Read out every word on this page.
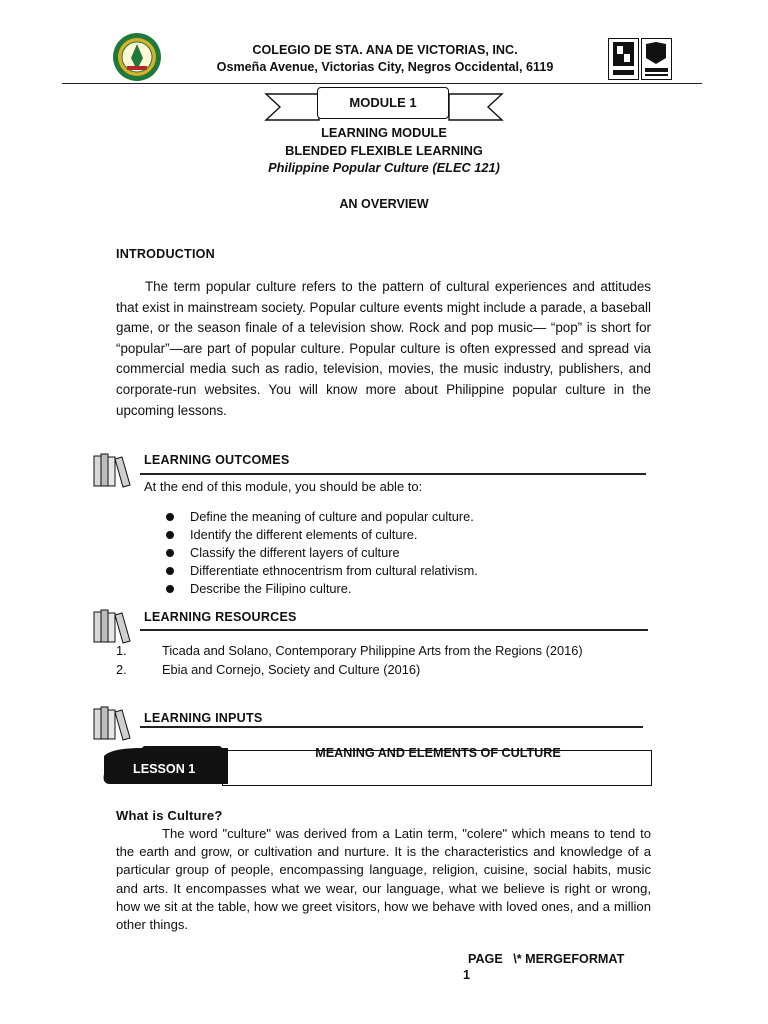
COLEGIO DE STA. ANA DE VICTORIAS, INC.
Osmeña Avenue, Victorias City, Negros Occidental, 6119
MODULE 1
LEARNING MODULE
BLENDED FLEXIBLE LEARNING
Philippine Popular Culture (ELEC 121)
AN OVERVIEW
INTRODUCTION
The term popular culture refers to the pattern of cultural experiences and attitudes that exist in mainstream society. Popular culture events might include a parade, a baseball game, or the season finale of a television show. Rock and pop music— “pop” is short for “popular”—are part of popular culture. Popular culture is often expressed and spread via commercial media such as radio, television, movies, the music industry, publishers, and corporate-run websites. You will know more about Philippine popular culture in the upcoming lessons.
LEARNING OUTCOMES
At the end of this module, you should be able to:
Define the meaning of culture and popular culture.
Identify the different elements of culture.
Classify the different layers of culture
Differentiate ethnocentrism from cultural relativism.
Describe the Filipino culture.
LEARNING RESOURCES
1.	Ticada and Solano, Contemporary Philippine Arts from the Regions (2016)
2.	Ebia and Cornejo, Society and Culture (2016)
LEARNING INPUTS
LESSON 1
MEANING AND ELEMENTS OF CULTURE
What is Culture?
The word "culture" was derived from a Latin term, "colere" which means to tend to the earth and grow, or cultivation and nurture. It is the characteristics and knowledge of a particular group of people, encompassing language, religion, cuisine, social habits, music and arts. It encompasses what we wear, our language, what we believe is right or wrong, how we sit at the table, how we greet visitors, how we behave with loved ones, and a million other things.
PAGE   \* MERGEFORMAT
1
